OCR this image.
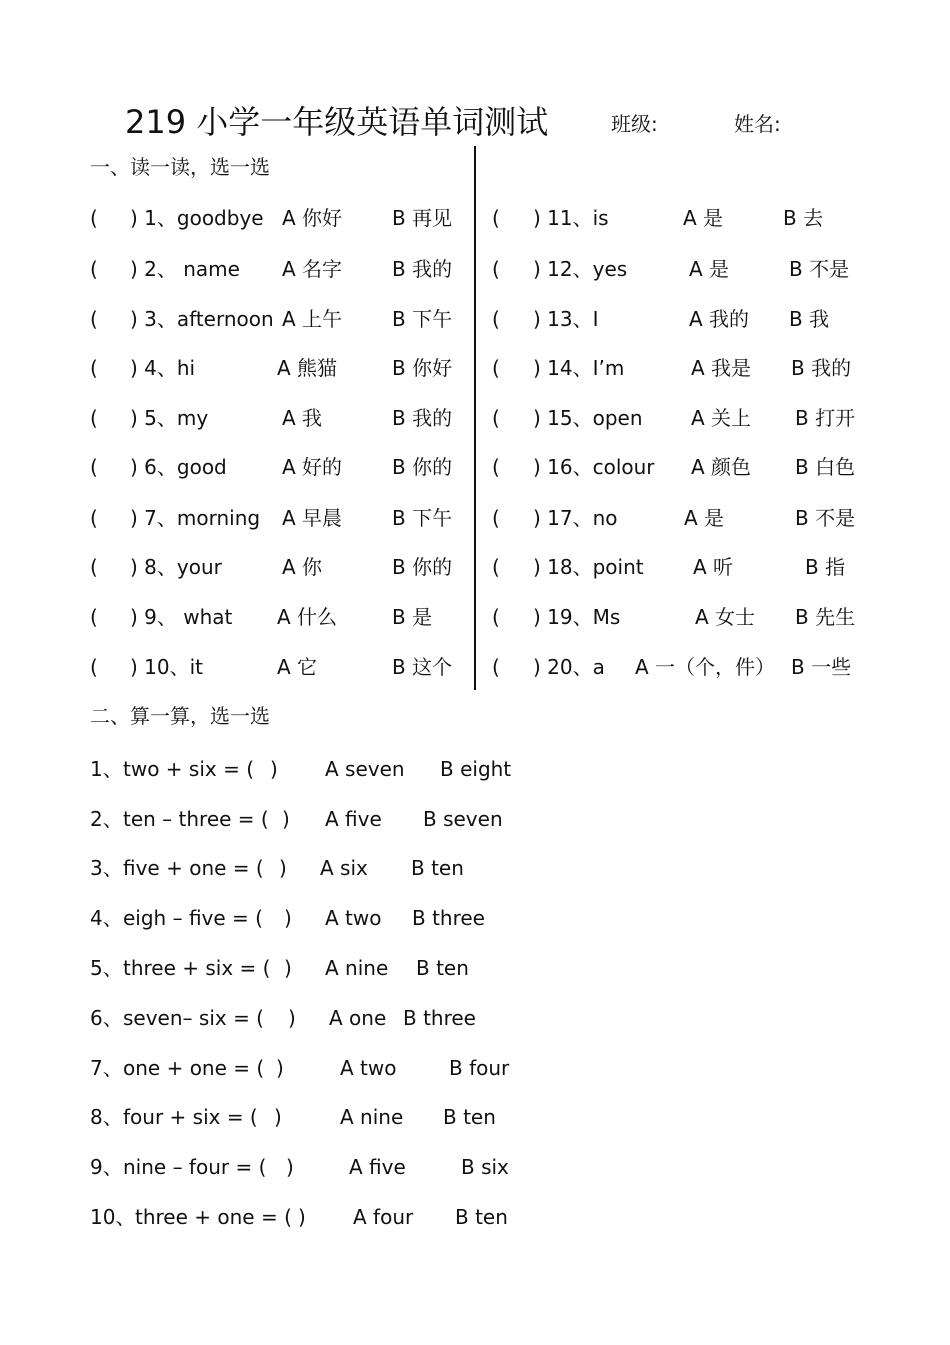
219 小学一年级英语单词测试	班级:	姓名:
一、读一读，选一选
( ) 1、goodbye A 你好 B 再见
( ) 2、 name A 名字 B 我的
( ) 3、afternoon A 上午 B 下午
( ) 4、hi	A 熊猫	B 你好
( ) 5、my	A 我	B 我的
( ) 6、good	A 好的 B 你的
( ) 7、morning A 早晨 B 下午
( ) 8、your	A 你	B 你的
( ) 9、 what A 什么	B 是
( ) 10、it	A 它	B 这个
( ) 11、is	A 是	B 去
( ) 12、yes	A 是	B 不是
( ) 13、I	A 我的 B 我
( ) 14、I’m	A 我是 B 我的
( ) 15、open A 关上 B 打开
( ) 16、colour A 颜色 B 白色
( ) 17、no	A 是	B 不是
( ) 18、point A 听	B 指
( ) 19、Ms	A 女士 B 先生
( ) 20、a A 一（个，件） B 一些
二、算一算，选一选
1、 two + six = ( ) A seven B eight
2、 ten – three = ( ) A five B seven
3、 five + one = ( ) A six B ten
4、 eigh – five = ( ) A two B three
5、 three + six = ( ) A nine B ten
6、 seven– six = ( ) A one B three
7、 one + one = ( )	A two	B four
8、 four + six = ( )	A nine B ten
9、 nine – four = ( )	A five	B six
10、 three + one = ( ) A four B ten
